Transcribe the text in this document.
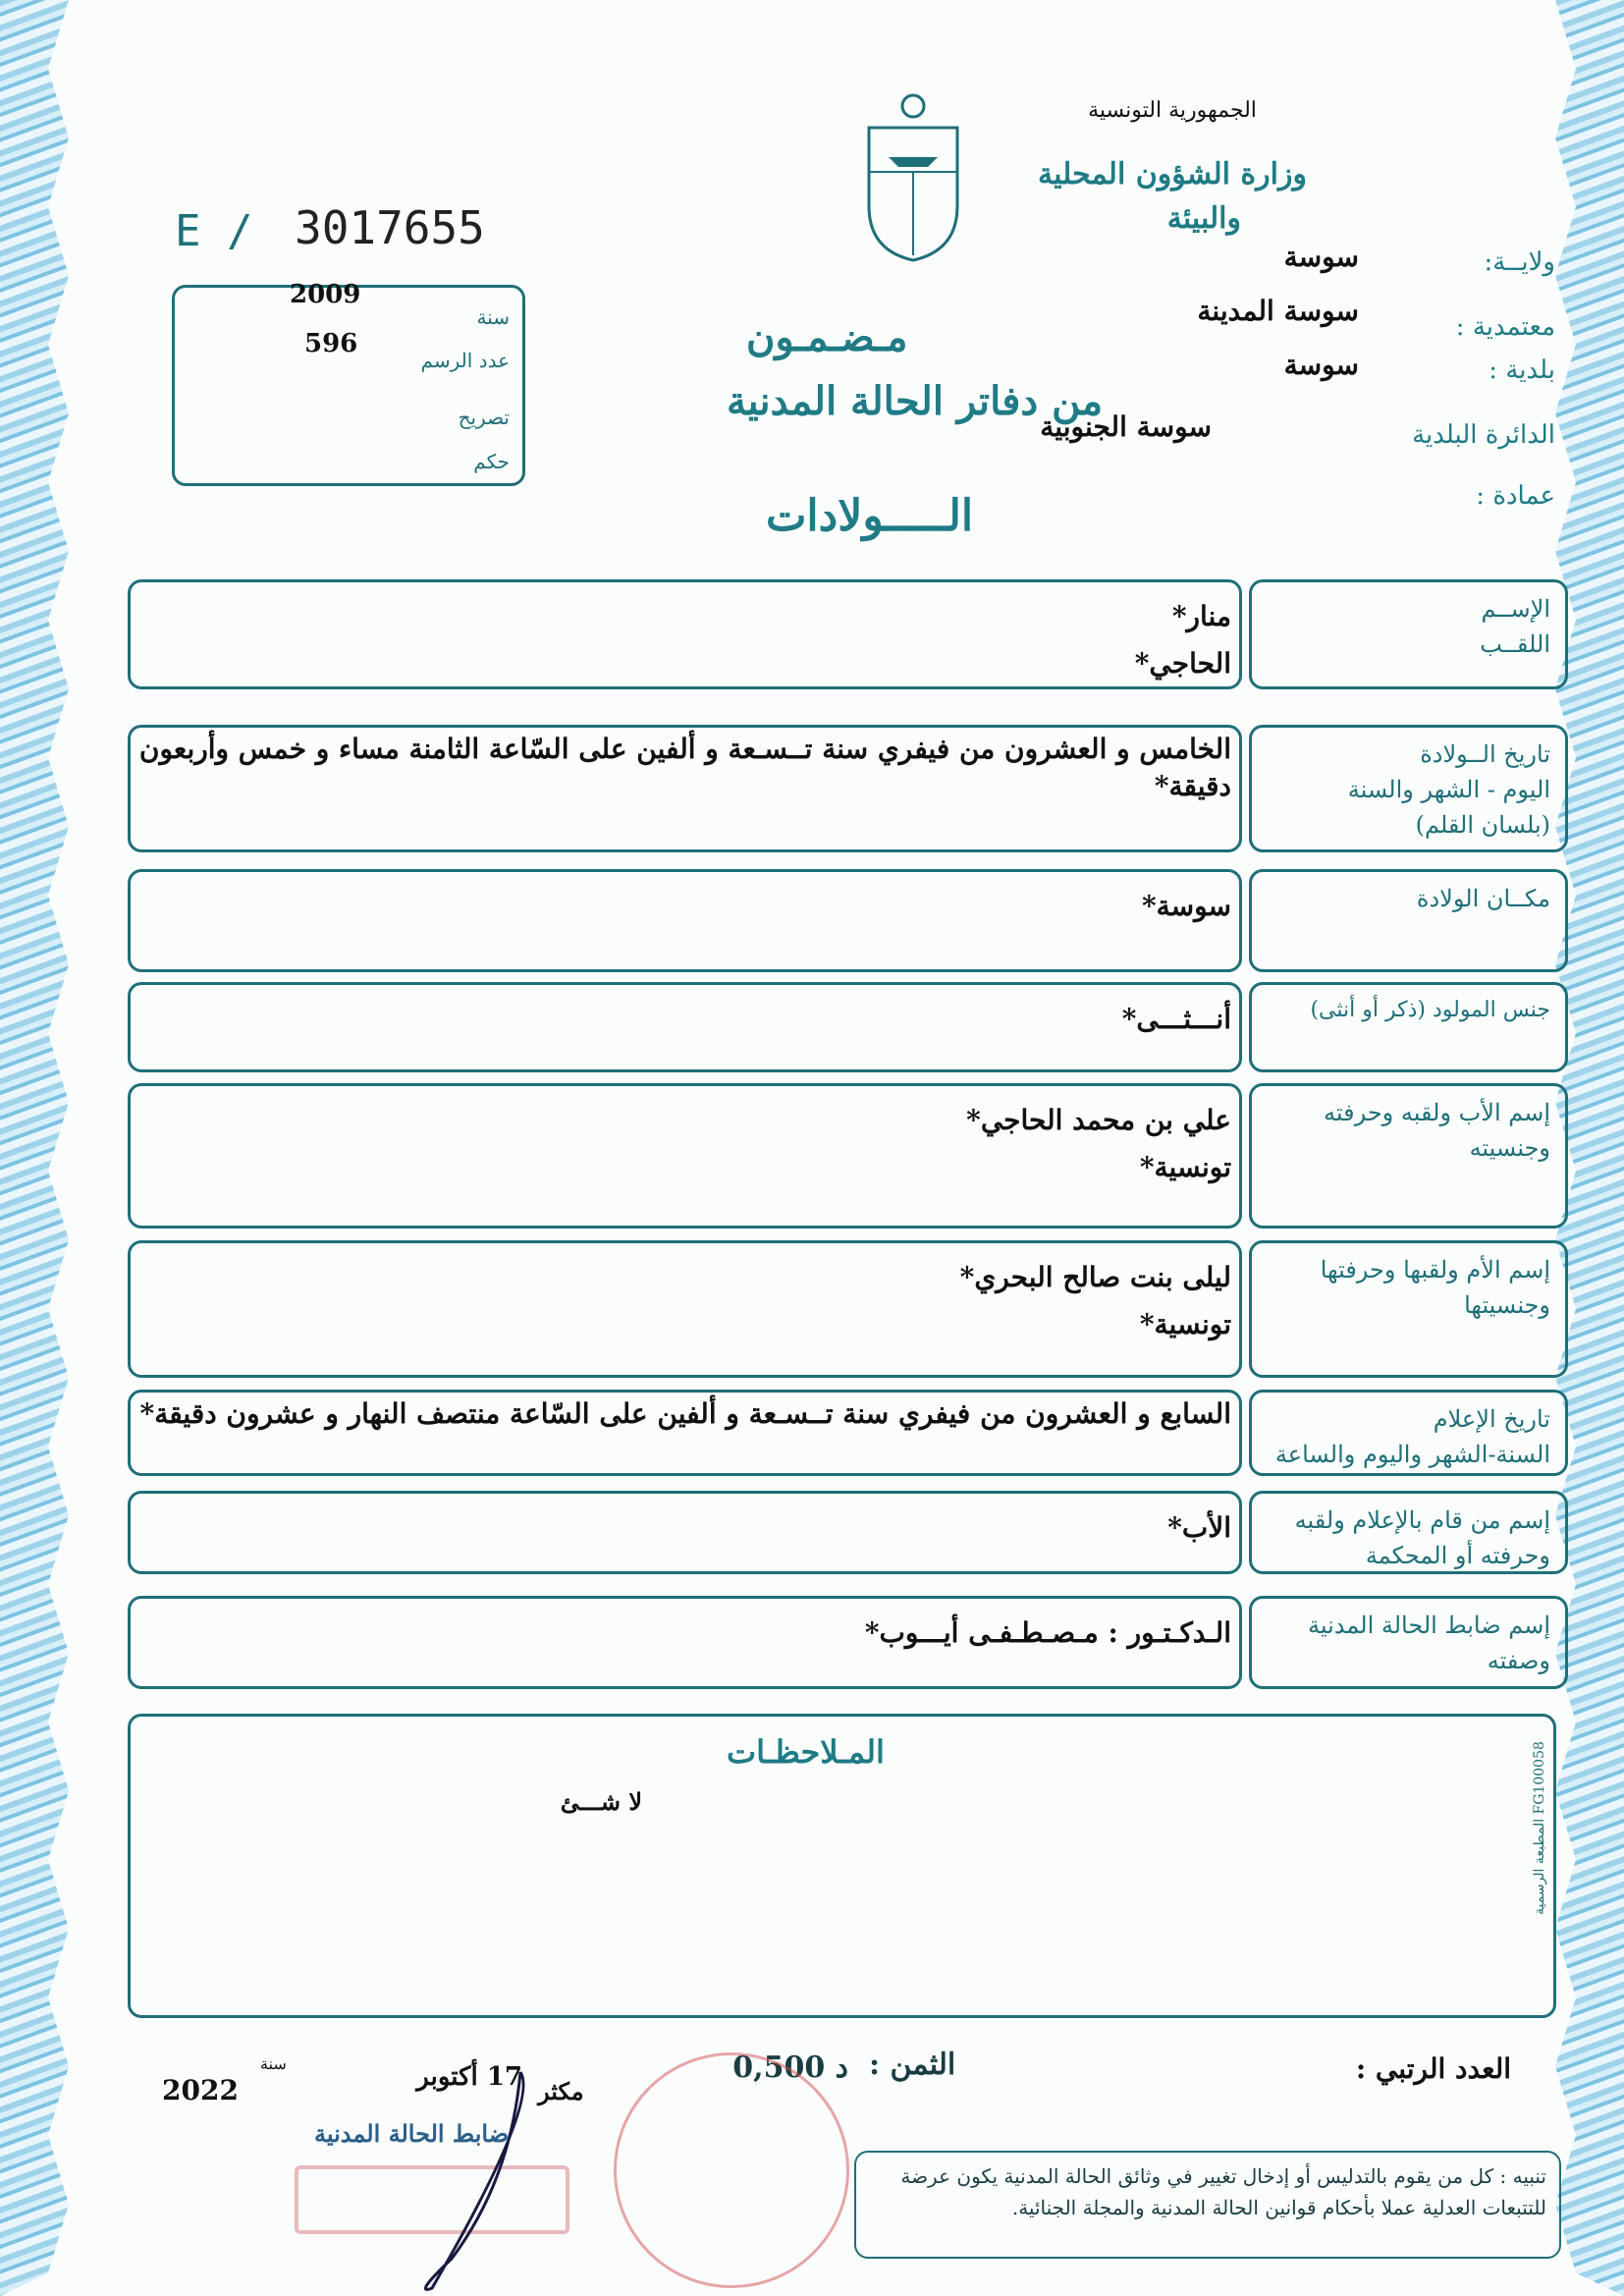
الجمهورية التونسية
وزارة الشؤون المحلية
والبيئة
ولايــة:
سوسة
معتمدية :
سوسة المدينة
بلدية :
سوسة
الدائرة البلدية
سوسة الجنوبية
عمادة :
E / 3017655
2009
سنة
596
عدد الرسم
تصريح
حكم
مـضـمـون
من دفاتر الحالة المدنية
الـــــولادات
الإســم
اللقــب
منار*
الحاجي*
تاريخ الــولادة
اليوم - الشهر والسنة
(بلسان القلم)
الخامس و العشرون من فيفري سنة تــسـعة و ألفين على السّاعة الثامنة مساء و خمس وأربعون دقيقة*
مكــان الولادة
سوسة*
جنس المولود (ذكر أو أنثى)
أنـــثـــى*
إسم الأب ولقبه وحرفته
وجنسيته
علي بن محمد الحاجي*
تونسية*
إسم الأم ولقبها وحرفتها
وجنسيتها
ليلى بنت صالح البحري*
تونسية*
تاريخ الإعلام
السنة-الشهر واليوم والساعة
السابع و العشرون من فيفري سنة تــسـعة و ألفين على السّاعة منتصف النهار و عشرون دقيقة*
إسم من قام بالإعلام ولقبه
وحرفته أو المحكمة
الأب*
إسم ضابط الحالة المدنية
وصفته
الـدكـتـور : مـصـطـفـى أيـــوب*
المـلاحظـات
لا شـــئ
المطبعة الرسمية FG100058
العدد الرتبي :
الثمن :
0,500 د
مكثر
17 أكتوبر
سنة
2022
ضابط الحالة المدنية
تنبيه : كل من يقوم بالتدليس أو إدخال تغيير في وثائق الحالة المدنية يكون عرضة للتتبعات العدلية عملا بأحكام قوانين الحالة المدنية والمجلة الجنائية.
